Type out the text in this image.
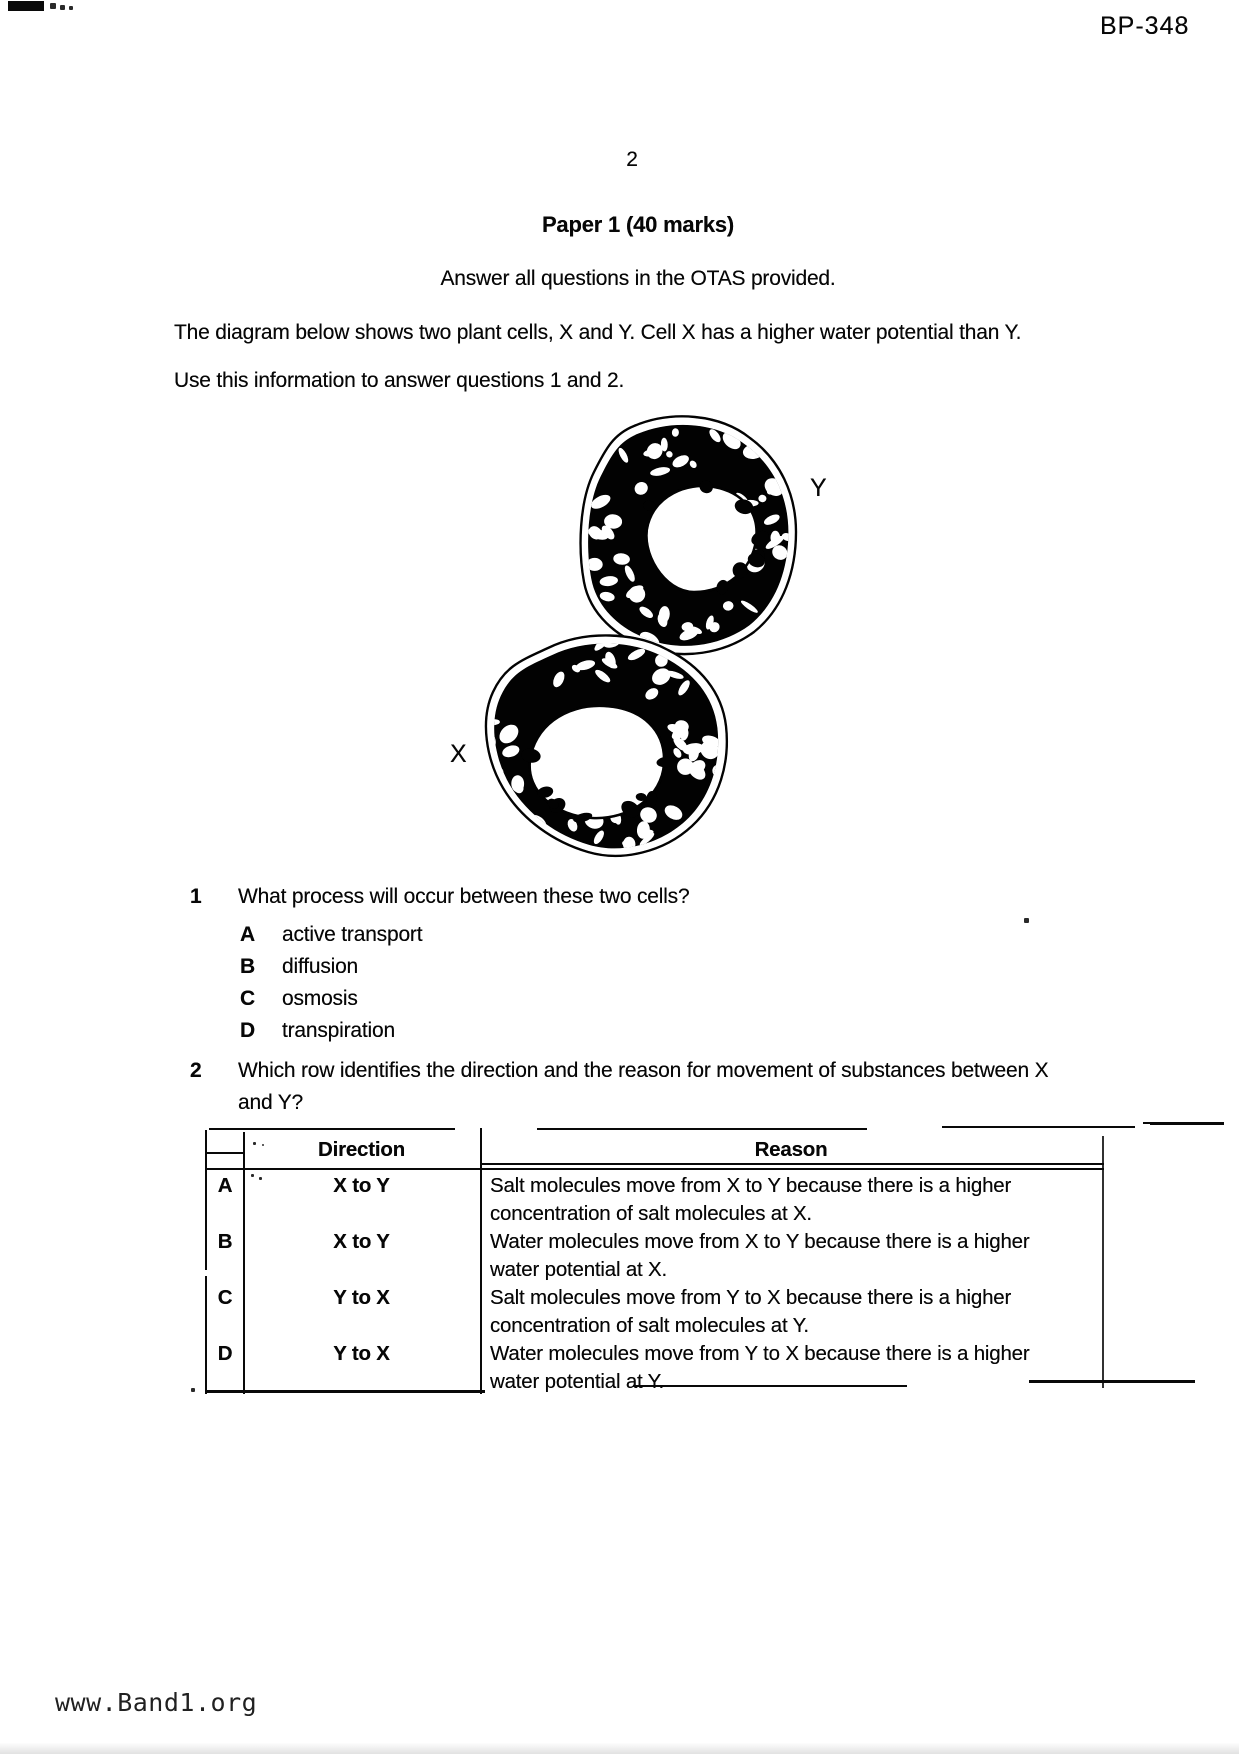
BP-348
2
Paper 1 (40 marks)
Answer all questions in the OTAS provided.
The diagram below shows two plant cells, X and Y. Cell X has a higher water potential than Y.
Use this information to answer questions 1 and 2.
Y
X
1 What process will occur between these two cells?
A active transport
B diffusion
C osmosis
D transpiration
2 Which row identifies the direction and the reason for movement of substances between X
and Y?
Direction	Reason
A	X to Y	Salt molecules move from X to Y because there is a higher
concentration of salt molecules at X.
B	X to Y	Water molecules move from X to Y because there is a higher
water potential at X.
C	Y to X	Salt molecules move from Y to X because there is a higher
concentration of salt molecules at Y.
D	Y to X	Water molecules move from Y to X because there is a higher
water potential at Y.
www.Band1.org
